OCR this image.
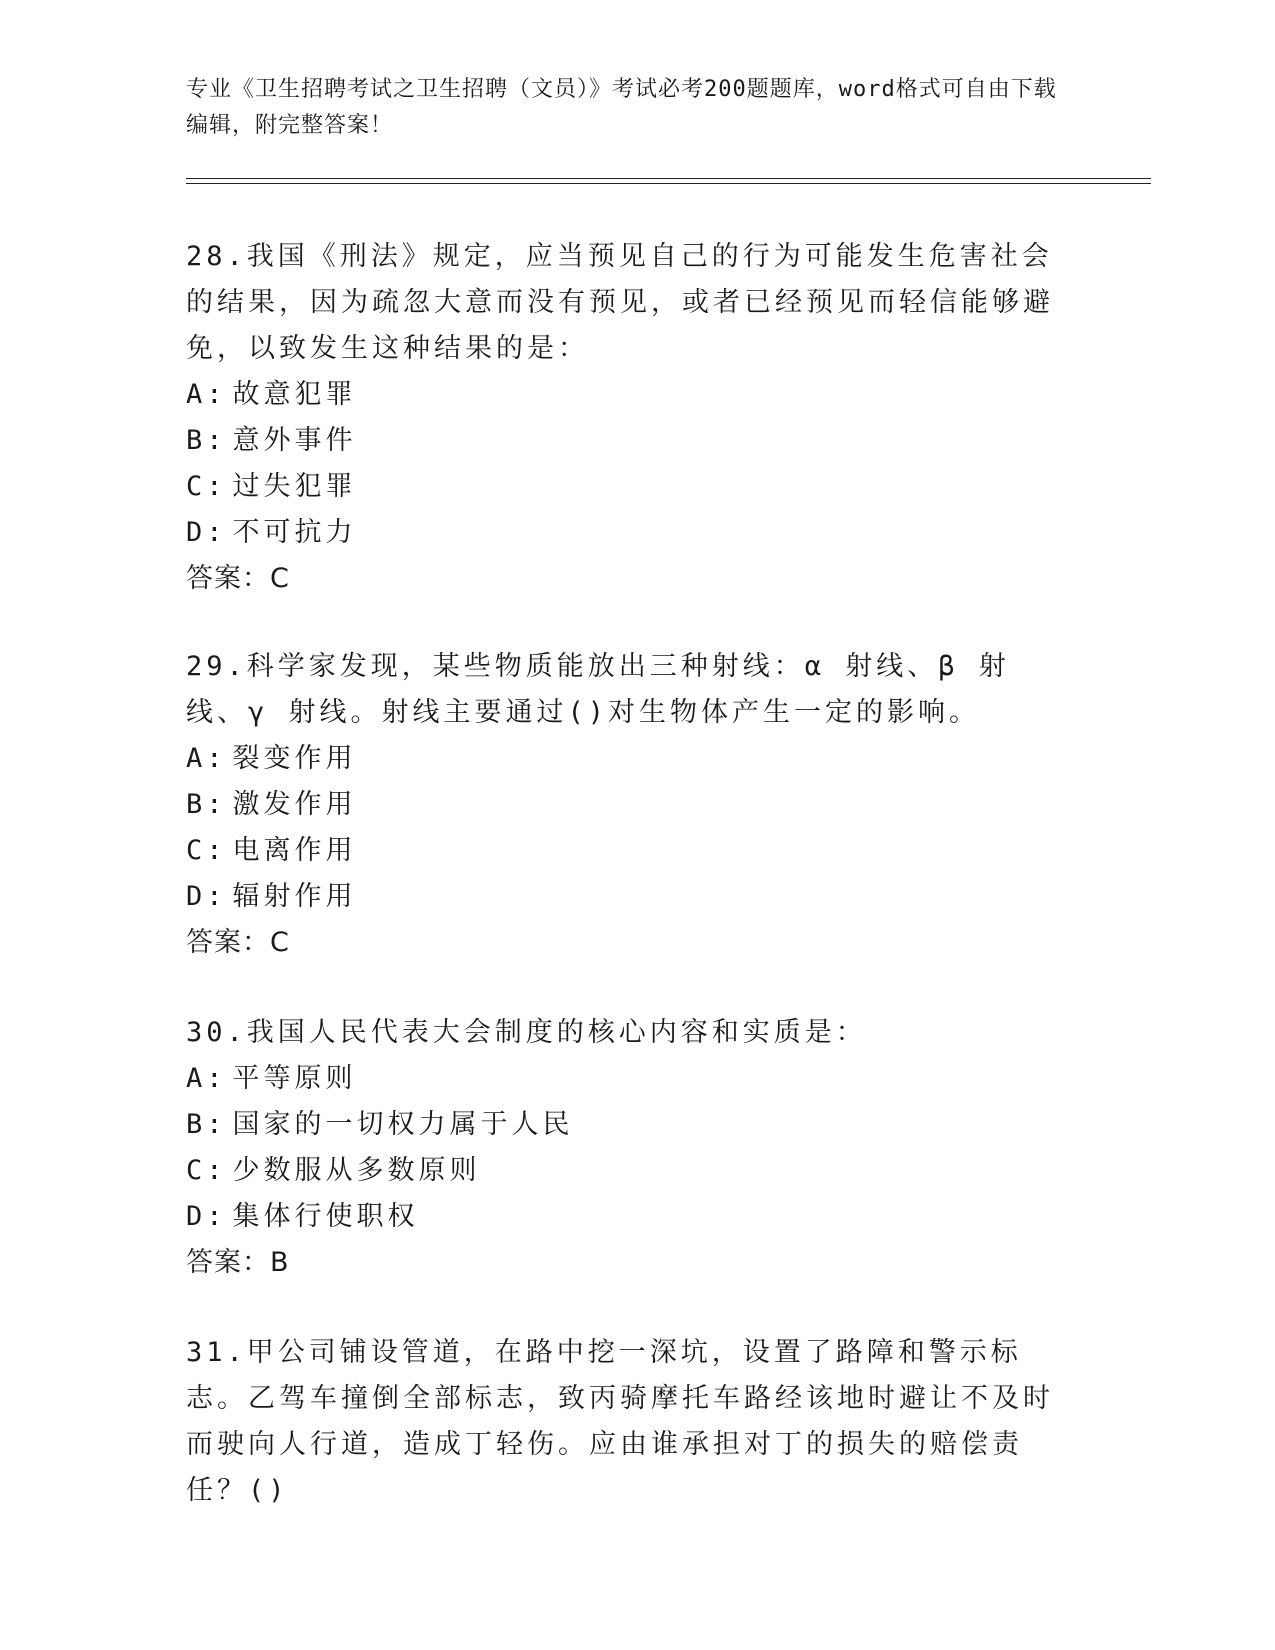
专业《卫生招聘考试之卫生招聘（文员）》考试必考200题题库，word格式可自由下载编辑，附完整答案！

28.我国《刑法》规定，应当预见自己的行为可能发生危害社会的结果，因为疏忽大意而没有预见，或者已经预见而轻信能够避免，以致发生这种结果的是：

A: 故意犯罪

B: 意外事件

C: 过失犯罪

D: 不可抗力

答案：C

29.科学家发现，某些物质能放出三种射线：α 射线、β 射线、γ 射线。射线主要通过()对生物体产生一定的影响。

A: 裂变作用

B: 激发作用

C: 电离作用

D: 辐射作用

答案：C

30.我国人民代表大会制度的核心内容和实质是：

A: 平等原则

B: 国家的一切权力属于人民

C: 少数服从多数原则

D: 集体行使职权

答案：B

31.甲公司铺设管道，在路中挖一深坑，设置了路障和警示标志。乙驾车撞倒全部标志，致丙骑摩托车路经该地时避让不及时而驶向人行道，造成丁轻伤。应由谁承担对丁的损失的赔偿责任？()
